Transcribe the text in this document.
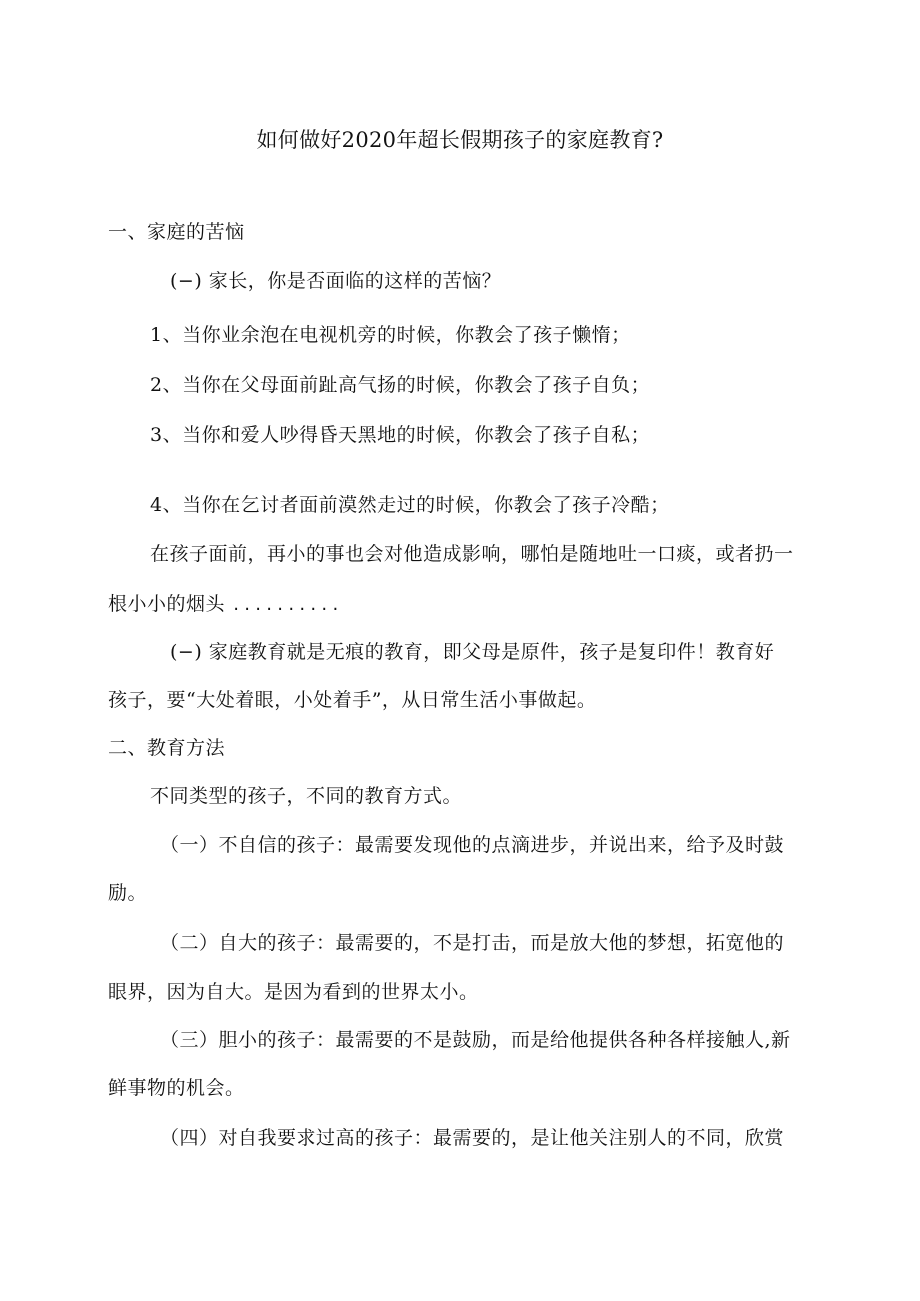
如何做好2020年超长假期孩子的家庭教育?
一、家庭的苦恼
(−) 家长，你是否面临的这样的苦恼？
1、当你业余泡在电视机旁的时候，你教会了孩子懒惰；
2、当你在父母面前趾高气扬的时候，你教会了孩子自负；
3、当你和爱人吵得昏天黑地的时候，你教会了孩子自私；
4、当你在乞讨者面前漠然走过的时候，你教会了孩子冷酷；
在孩子面前，再小的事也会对他造成影响，哪怕是随地吐一口痰，或者扔一
根小小的烟头 ..........
(−) 家庭教育就是无痕的教育，即父母是原件，孩子是复印件！教育好
孩子，要“大处着眼，小处着手”，从日常生活小事做起。
二、教育方法
不同类型的孩子，不同的教育方式。
（一）不自信的孩子：最需要发现他的点滴进步，并说出来，给予及时鼓
励。
（二）自大的孩子：最需要的，不是打击，而是放大他的梦想，拓宽他的
眼界，因为自大。是因为看到的世界太小。
（三）胆小的孩子：最需要的不是鼓励，而是给他提供各种各样接触人,新
鲜事物的机会。
（四）对自我要求过高的孩子：最需要的，是让他关注别人的不同，欣赏
